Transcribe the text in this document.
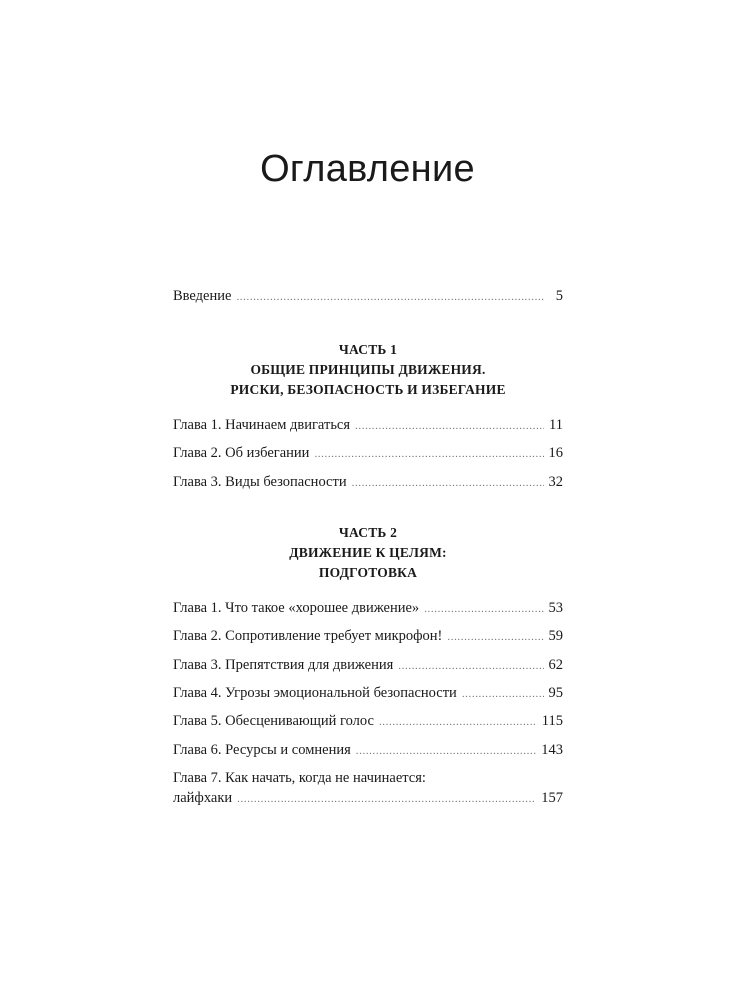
Оглавление
Введение .....	5
ЧАСТЬ 1
ОБЩИЕ ПРИНЦИПЫ ДВИЖЕНИЯ.
РИСКИ, БЕЗОПАСНОСТЬ И ИЗБЕГАНИЕ
Глава 1. Начинаем двигаться .....	11
Глава 2. Об избегании .....	16
Глава 3. Виды безопасности .....	32
ЧАСТЬ 2
ДВИЖЕНИЕ К ЦЕЛЯМ:
ПОДГОТОВКА
Глава 1. Что такое «хорошее движение» .....	53
Глава 2. Сопротивление требует микрофон! .....	59
Глава 3. Препятствия для движения .....	62
Глава 4. Угрозы эмоциональной безопасности .....	95
Глава 5. Обесценивающий голос .....	115
Глава 6. Ресурсы и сомнения .....	143
Глава 7. Как начать, когда не начинается:
лайфхаки .....	157
